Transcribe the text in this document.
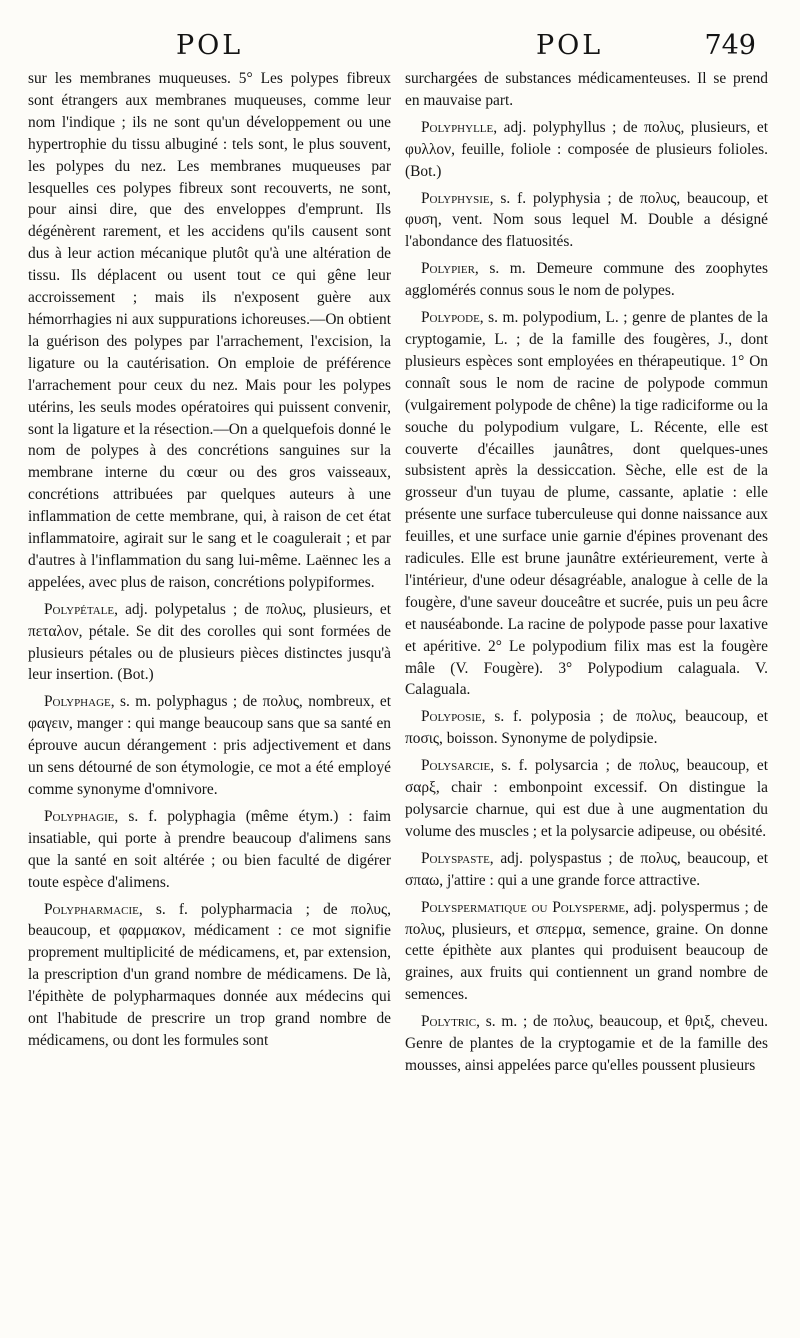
POL	POL	749

sur les membranes muqueuses. 5° Les polypes fibreux sont étrangers aux membranes muqueuses, comme leur nom l'indique ; ils ne sont qu'un développement ou une hypertrophie du tissu albuginé : tels sont, le plus souvent, les polypes du nez. Les membranes muqueuses par lesquelles ces polypes fibreux sont recouverts, ne sont, pour ainsi dire, que des enveloppes d'emprunt. Ils dégénèrent rarement, et les accidens qu'ils causent sont dus à leur action mécanique plutôt qu'à une altération de tissu. Ils déplacent ou usent tout ce qui gêne leur accroissement ; mais ils n'exposent guère aux hémorrhagies ni aux suppurations ichoreuses.—On obtient la guérison des polypes par l'arrachement, l'excision, la ligature ou la cautérisation. On emploie de préférence l'arrachement pour ceux du nez. Mais pour les polypes utérins, les seuls modes opératoires qui puissent convenir, sont la ligature et la résection.—On a quelquefois donné le nom de polypes à des concrétions sanguines sur la membrane interne du cœur ou des gros vaisseaux, concrétions attribuées par quelques auteurs à une inflammation de cette membrane, qui, à raison de cet état inflammatoire, agirait sur le sang et le coagulerait ; et par d'autres à l'inflammation du sang lui-même. Laënnec les a appelées, avec plus de raison, concrétions polypiformes.

Polypétale, adj. polypetalus ; de πολυς, plusieurs, et πεταλον, pétale. Se dit des corolles qui sont formées de plusieurs pétales ou de plusieurs pièces distinctes jusqu'à leur insertion. (Bot.)

Polyphage, s. m. polyphagus ; de πολυς, nombreux, et φαγειν, manger : qui mange beaucoup sans que sa santé en éprouve aucun dérangement : pris adjectivement et dans un sens détourné de son étymologie, ce mot a été employé comme synonyme d'omnivore.

Polyphagie, s. f. polyphagia (même étym.) : faim insatiable, qui porte à prendre beaucoup d'alimens sans que la santé en soit altérée ; ou bien faculté de digérer toute espèce d'alimens.

Polypharmacie, s. f. polypharmacia ; de πολυς, beaucoup, et φαρμακον, médicament : ce mot signifie proprement multiplicité de médicamens, et, par extension, la prescription d'un grand nombre de médicamens. De là, l'épithète de polypharmaques donnée aux médecins qui ont l'habitude de prescrire un trop grand nombre de médicamens, ou dont les formules sont

surchargées de substances médicamenteuses. Il se prend en mauvaise part.

Polyphylle, adj. polyphyllus ; de πολυς, plusieurs, et φυλλον, feuille, foliole : composée de plusieurs folioles. (Bot.)

Polyphysie, s. f. polyphysia ; de πολυς, beaucoup, et φυση, vent. Nom sous lequel M. Double a désigné l'abondance des flatuosités.

Polypier, s. m. Demeure commune des zoophytes agglomérés connus sous le nom de polypes.

Polypode, s. m. polypodium, L. ; genre de plantes de la cryptogamie, L. ; de la famille des fougères, J., dont plusieurs espèces sont employées en thérapeutique. 1° On connaît sous le nom de racine de polypode commun (vulgairement polypode de chêne) la tige radiciforme ou la souche du polypodium vulgare, L. Récente, elle est couverte d'écailles jaunâtres, dont quelques-unes subsistent après la dessiccation. Sèche, elle est de la grosseur d'un tuyau de plume, cassante, aplatie : elle présente une surface tuberculeuse qui donne naissance aux feuilles, et une surface unie garnie d'épines provenant des radicules. Elle est brune jaunâtre extérieurement, verte à l'intérieur, d'une odeur désagréable, analogue à celle de la fougère, d'une saveur douceâtre et sucrée, puis un peu âcre et nauséabonde. La racine de polypode passe pour laxative et apéritive. 2° Le polypodium filix mas est la fougère mâle (V. Fougère). 3° Polypodium calaguala. V. Calaguala.

Polyposie, s. f. polyposia ; de πολυς, beaucoup, et ποσις, boisson. Synonyme de polydipsie.

Polysarcie, s. f. polysarcia ; de πολυς, beaucoup, et σαρξ, chair : embonpoint excessif. On distingue la polysarcie charnue, qui est due à une augmentation du volume des muscles ; et la polysarcie adipeuse, ou obésité.

Polyspaste, adj. polyspastus ; de πολυς, beaucoup, et σπαω, j'attire : qui a une grande force attractive.

Polyspermatique ou Polysperme, adj. polyspermus ; de πολυς, plusieurs, et σπερμα, semence, graine. On donne cette épithète aux plantes qui produisent beaucoup de graines, aux fruits qui contiennent un grand nombre de semences.

Polytric, s. m. ; de πολυς, beaucoup, et θριξ, cheveu. Genre de plantes de la cryptogamie et de la famille des mousses, ainsi appelées parce qu'elles poussent plusieurs
